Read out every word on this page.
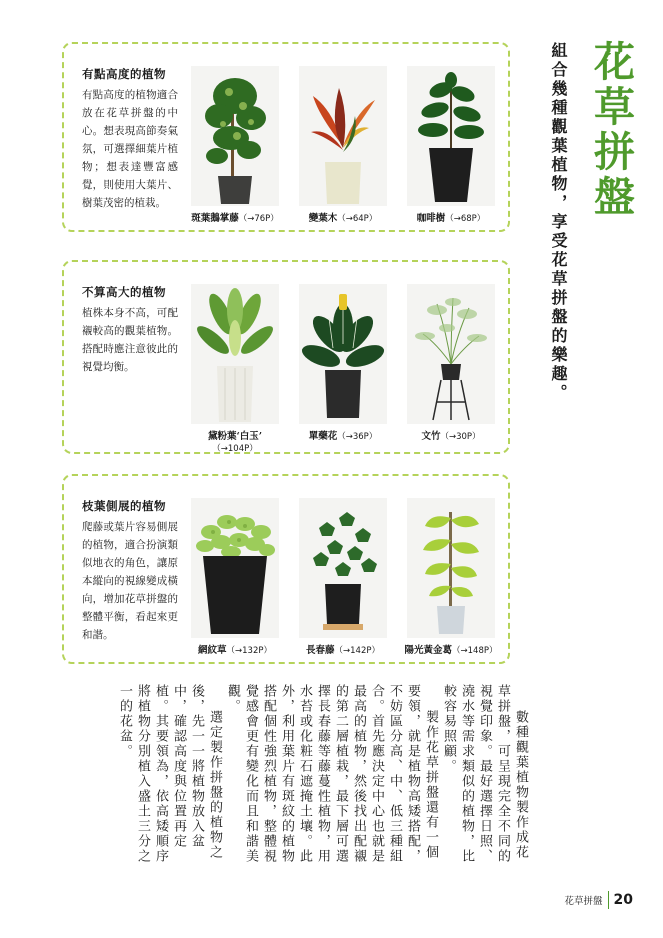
花草拼盤
組合幾種觀葉植物，享受花草拼盤的樂趣。
有點高度的植物
有點高度的植物適合放在花草拼盤的中心。想表現高節奏氣氛，可選擇細葉片植物；想表達豐富感覺，則使用大葉片、樹葉茂密的植栽。
斑葉鵝掌藤（→76P）	變葉木（→64P）	咖啡樹（→68P）
不算高大的植物
植株本身不高，可配襯較高的觀葉植物。搭配時應注意彼此的視覺均衡。
黛粉葉‘白玉’
（→104P）
單藥花（→36P）	文竹（→30P）
枝葉側展的植物
爬藤或葉片容易側展的植物，適合扮演類似地衣的角色，讓原本縱向的視線變成橫向，增加花草拼盤的整體平衡，看起來更和諧。
網紋草（→132P）	長春藤（→142P）	陽光黃金葛（→148P）

數種觀葉植物製作成花草拼盤，可呈現完全不同的視覺印象。最好選擇日照、澆水等需求類似的植物，比較容易照顧。

製作花草拼盤還有一個要領，就是植物高矮搭配，不妨區分高、中、低三種組合。首先應決定中心也就是最高的植物，然後找出配襯的第二層植栽，最下層可選擇長春藤等藤蔓性植物，用水苔或化粧石遮掩土壤。此外，利用葉片有斑紋的植物搭配個性強烈植物，整體視覺感會更有變化而且和諧美觀。

選定製作拼盤的植物之後，先一一將植物放入盆中，確認高度與位置再定植。其要領為，依高矮順序將植物分別植入盛土三分之一的花盆。

花草拼盤 20
